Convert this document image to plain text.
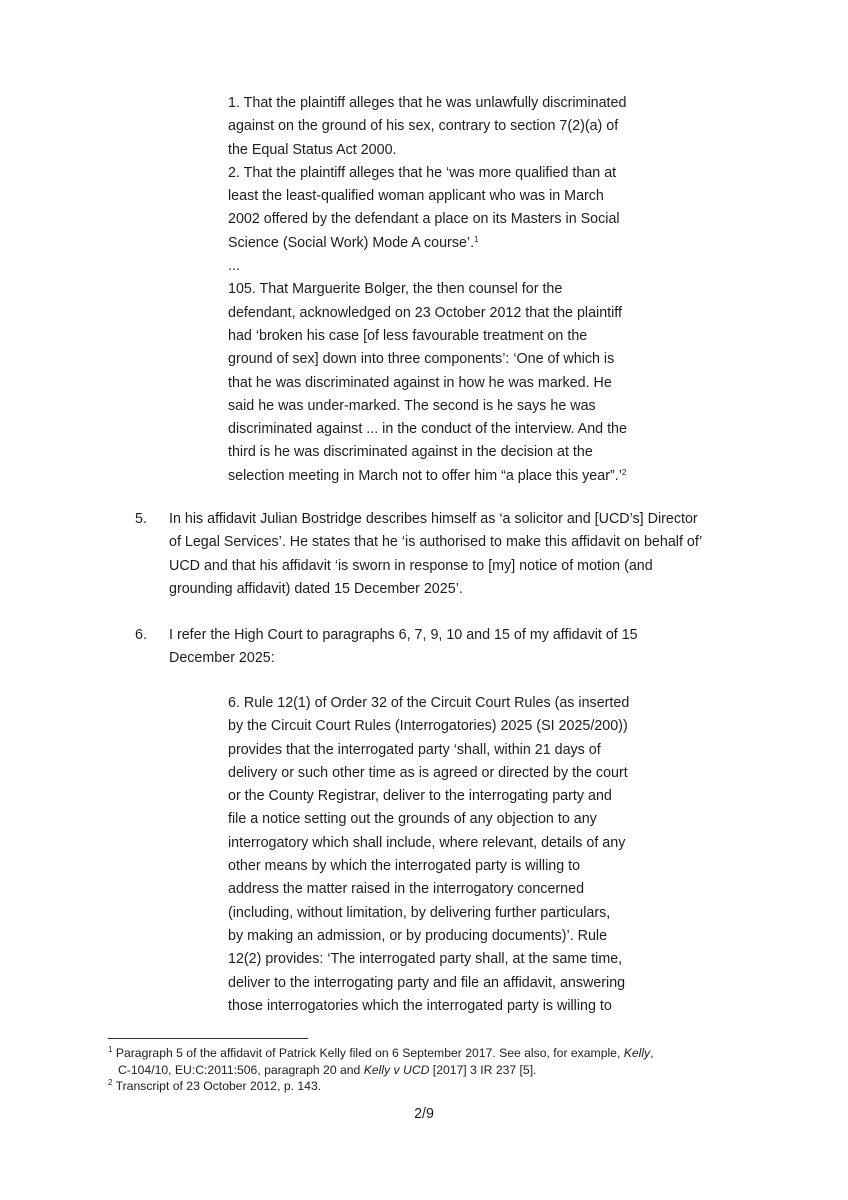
1. That the plaintiff alleges that he was unlawfully discriminated
against on the ground of his sex, contrary to section 7(2)(a) of
the Equal Status Act 2000.
2. That the plaintiff alleges that he ‘was more qualified than at
least the least-qualified woman applicant who was in March
2002 offered by the defendant a place on its Masters in Social
Science (Social Work) Mode A course’.$^1$
...
105. That Marguerite Bolger, the then counsel for the
defendant, acknowledged on 23 October 2012 that the plaintiff
had ‘broken his case [of less favourable treatment on the
ground of sex] down into three components’: ‘One of which is
that he was discriminated against in how he was marked. He
said he was under-marked. The second is he says he was
discriminated against ... in the conduct of the interview. And the
third is he was discriminated against in the decision at the
selection meeting in March not to offer him “a place this year”.’$^2$
5. In his affidavit Julian Bostridge describes himself as ‘a solicitor and [UCD’s] Director
of Legal Services’. He states that he ‘is authorised to make this affidavit on behalf of’
UCD and that his affidavit ‘is sworn in response to [my] notice of motion (and
grounding affidavit) dated 15 December 2025’.
6. I refer the High Court to paragraphs 6, 7, 9, 10 and 15 of my affidavit of 15
December 2025:
6. Rule 12(1) of Order 32 of the Circuit Court Rules (as inserted
by the Circuit Court Rules (Interrogatories) 2025 (SI 2025/200))
provides that the interrogated party ‘shall, within 21 days of
delivery or such other time as is agreed or directed by the court
or the County Registrar, deliver to the interrogating party and
file a notice setting out the grounds of any objection to any
interrogatory which shall include, where relevant, details of any
other means by which the interrogated party is willing to
address the matter raised in the interrogatory concerned
(including, without limitation, by delivering further particulars,
by making an admission, or by producing documents)’. Rule
12(2) provides: ‘The interrogated party shall, at the same time,
deliver to the interrogating party and file an affidavit, answering
those interrogatories which the interrogated party is willing to
$^1$ Paragraph 5 of the affidavit of Patrick Kelly filed on 6 September 2017. See also, for example, Kelly,
C-104/10, EU:C:2011:506, paragraph 20 and Kelly v UCD [2017] 3 IR 237 [5].
$^2$ Transcript of 23 October 2012, p. 143.
2/9
